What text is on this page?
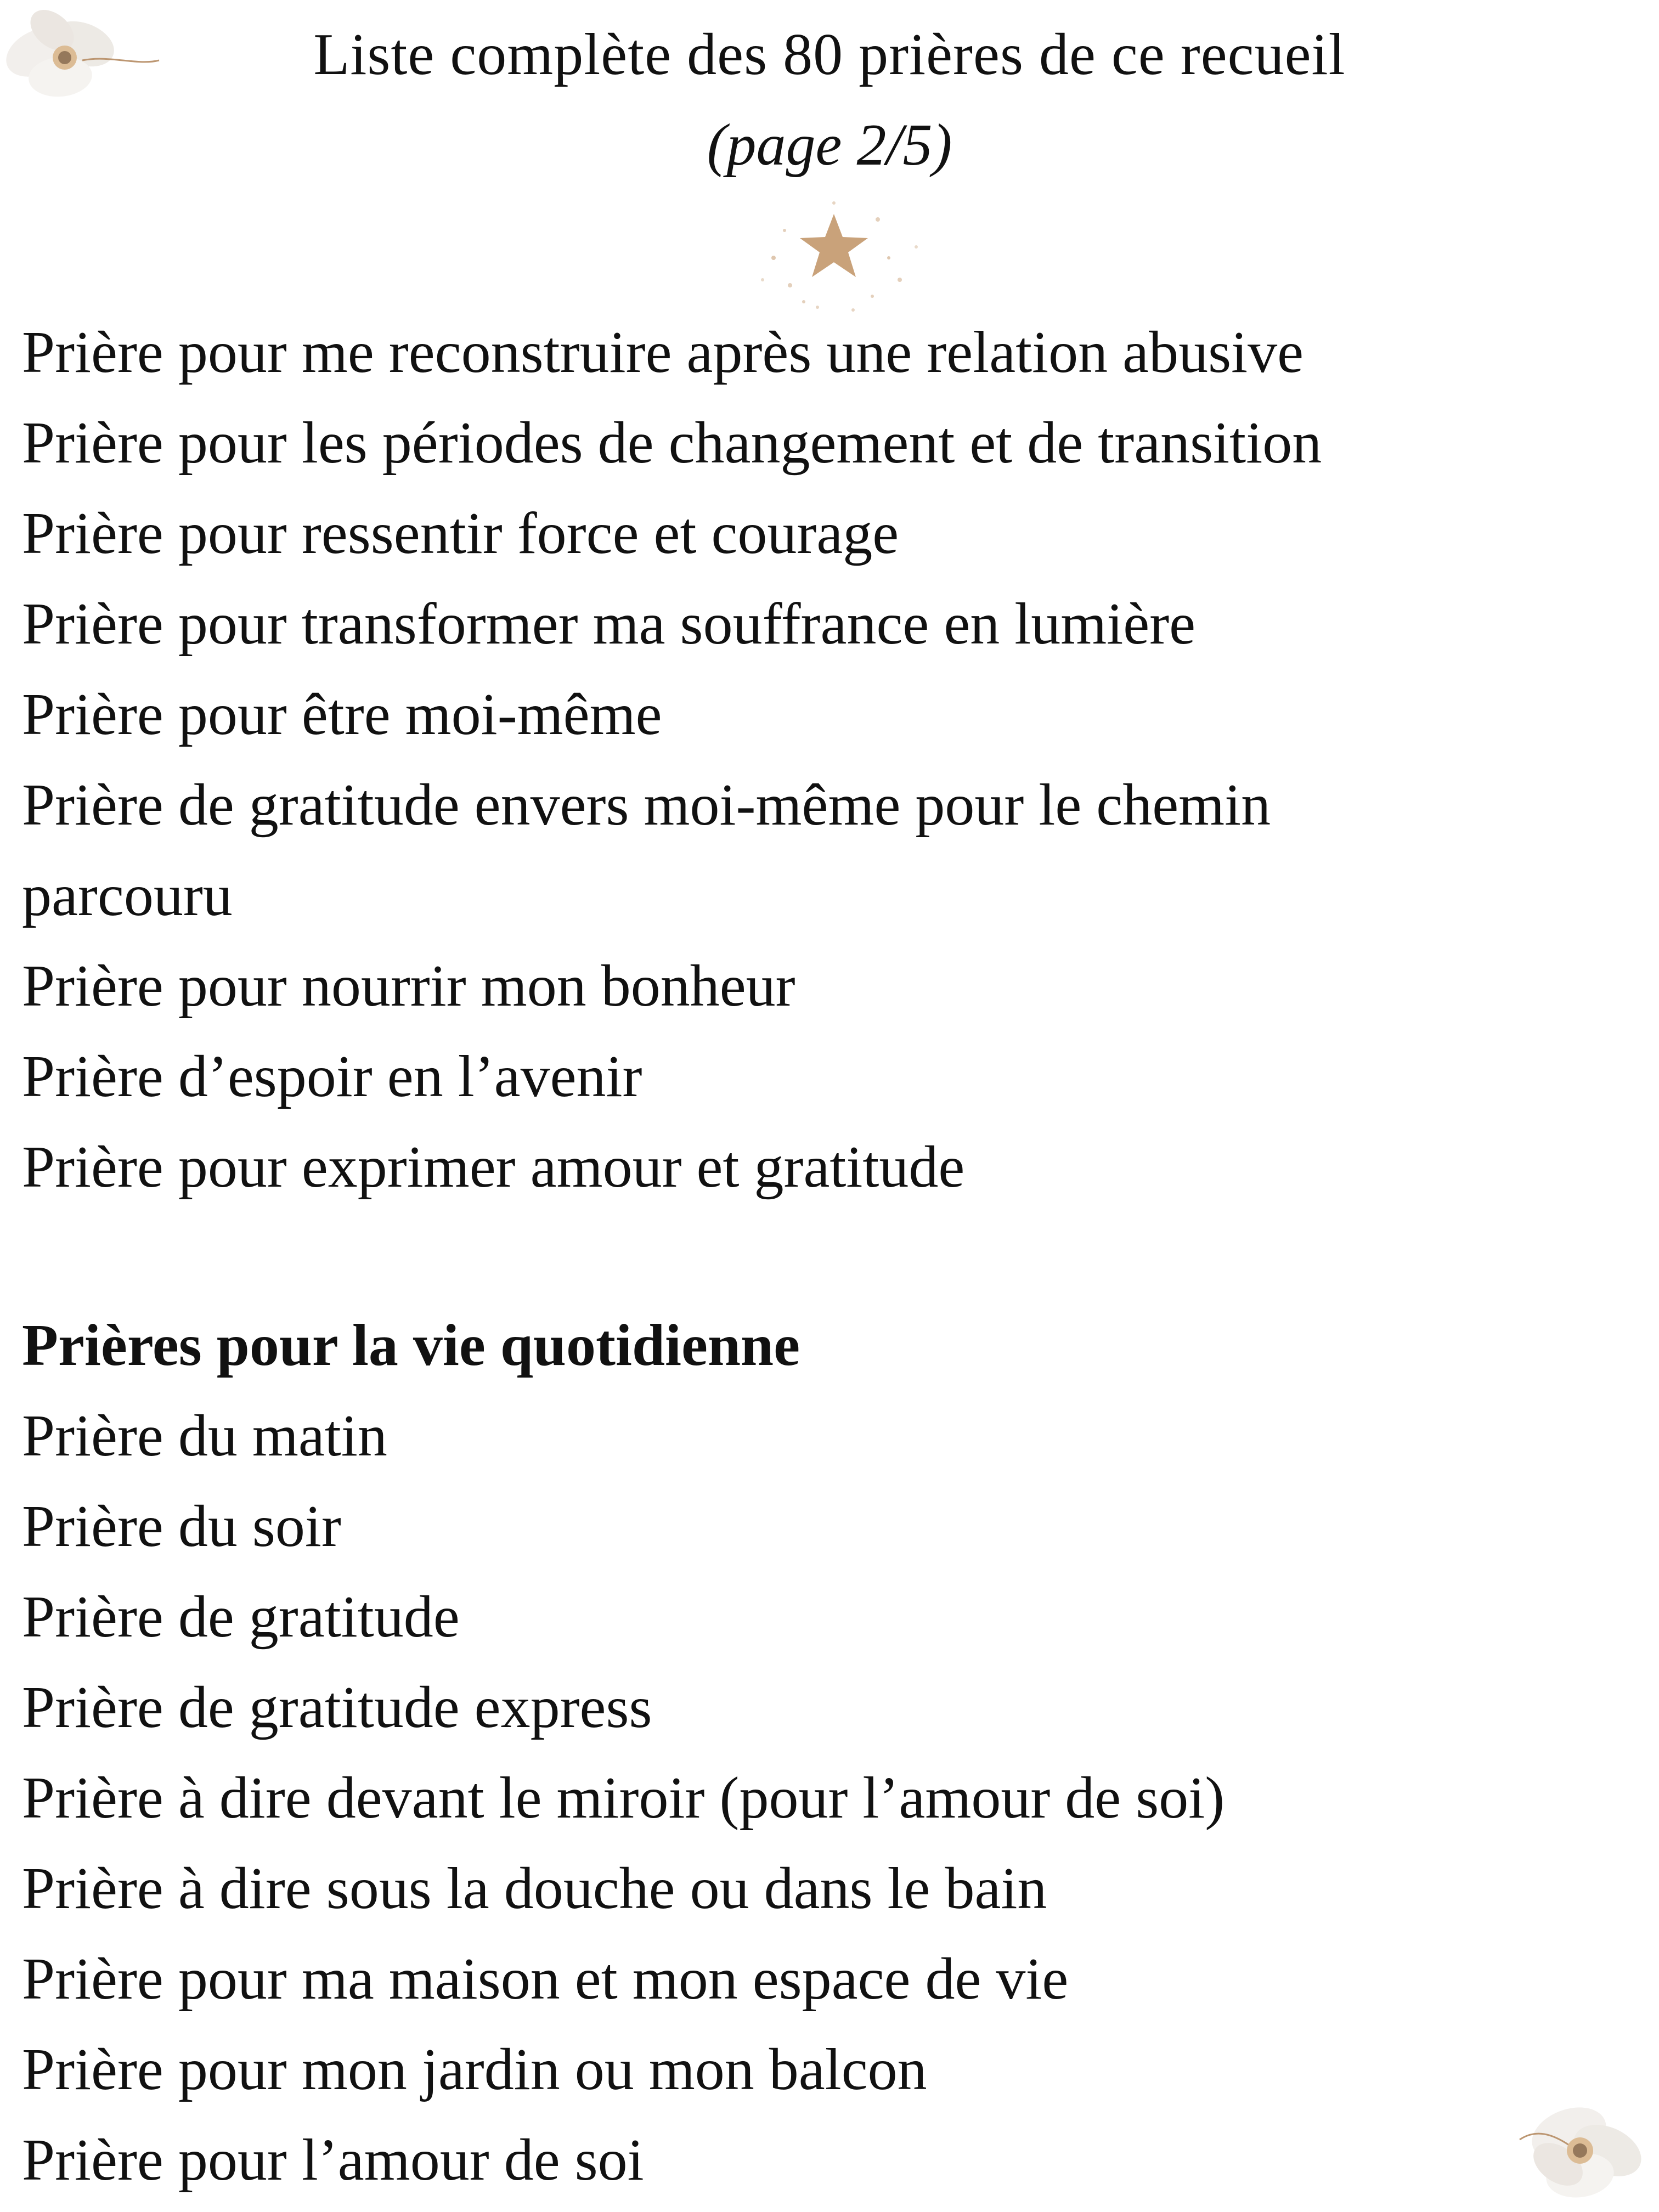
Liste complète des 80 prières de ce recueil
(page 2/5)
Prière pour me reconstruire après une relation abusive
Prière pour les périodes de changement et de transition
Prière pour ressentir force et courage
Prière pour transformer ma souffrance en lumière
Prière pour être moi-même
Prière de gratitude envers moi-même pour le chemin parcouru
Prière pour nourrir mon bonheur
Prière d’espoir en l’avenir
Prière pour exprimer amour et gratitude
Prières pour la vie quotidienne
Prière du matin
Prière du soir
Prière de gratitude
Prière de gratitude express
Prière à dire devant le miroir (pour l’amour de soi)
Prière à dire sous la douche ou dans le bain
Prière pour ma maison et mon espace de vie
Prière pour mon jardin ou mon balcon
Prière pour l’amour de soi
